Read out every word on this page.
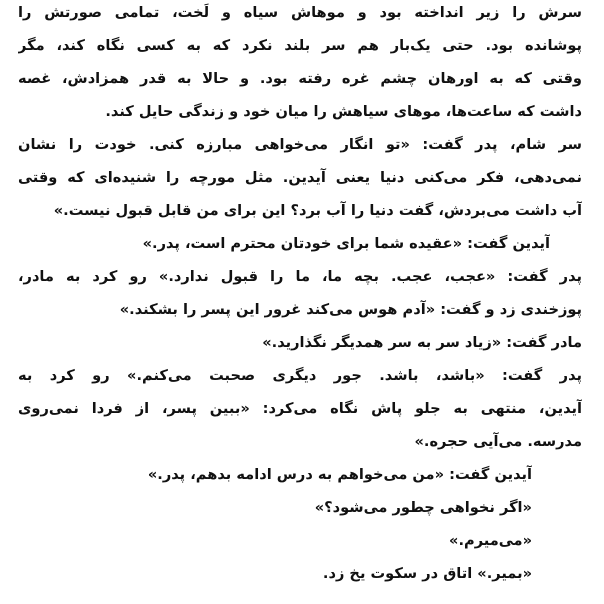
سرش را زیر انداخته بود و موهاش سیاه و لَخت، تمامی صورتش را
پوشانده بود. حتی یک‌بار هم سر بلند نکرد که به کسی نگاه کند، مگر
وقتی که به اورهان چشم غره رفته بود. و حالا به قدر همزادش، غصه
داشت که ساعت‌ها، موهای سیاهش را میان خود و زندگی حایل کند.
سر شام، پدر گفت: «تو انگار می‌خواهی مبارزه کنی. خودت را نشان
نمی‌دهی، فکر می‌کنی دنیا یعنی آیدین. مثل مورچه را شنیده‌ای که وقتی
آب داشت می‌بردش، گفت دنیا را آب برد؟ این برای من قابل قبول نیست.»
آیدین گفت: «عقیده شما برای خودتان محترم است، پدر.»
پدر گفت: «عجب، عجب. بچه ما، ما را قبول ندارد.» رو کرد به مادر،
پوزخندی زد و گفت: «آدم هوس می‌کند غرور این پسر را بشکند.»
مادر گفت: «زیاد سر به سر همدیگر نگذارید.»
پدر گفت: «باشد، باشد. جور دیگری صحبت می‌کنم.» رو کرد به
آیدین، منتهی به جلو پاش نگاه می‌کرد: «ببین پسر، از فردا نمی‌روی
مدرسه. می‌آیی حجره.»
آیدین گفت: «من می‌خواهم به درس ادامه بدهم، پدر.»
«اگر نخواهی چطور می‌شود؟»
«می‌میرم.»
«بمیر.» اتاق در سکوت یخ زد.
